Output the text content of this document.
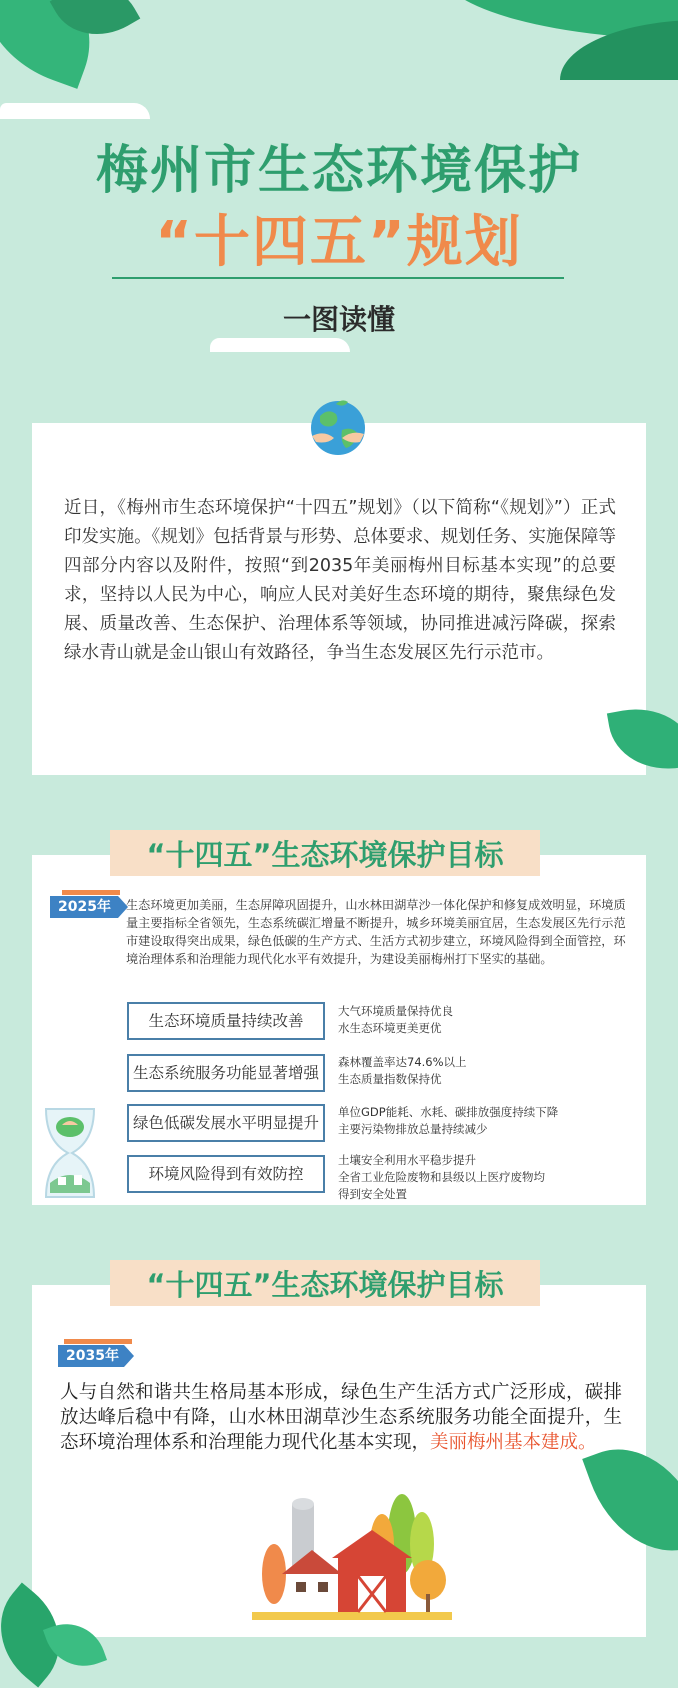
梅州市生态环境保护
“十四五”规划
一图读懂
近日，《梅州市生态环境保护“十四五”规划》（以下简称“《规划》”）正式印发实施。《规划》包括背景与形势、总体要求、规划任务、实施保障等四部分内容以及附件，按照“到2035年美丽梅州目标基本实现”的总要求，坚持以人民为中心，响应人民对美好生态环境的期待，聚焦绿色发展、质量改善、生态保护、治理体系等领域，协同推进减污降碳，探索绿水青山就是金山银山有效路径，争当生态发展区先行示范市。
“十四五”生态环境保护目标
2025年	生态环境更加美丽，生态屏障巩固提升，山水林田湖草沙一体化保护和修复成效明显，环境质量主要指标全省领先，生态系统碳汇增量不断提升，城乡环境美丽宜居，生态发展区先行示范市建设取得突出成果，绿色低碳的生产方式、生活方式初步建立，环境风险得到全面管控，环境治理体系和治理能力现代化水平有效提升，为建设美丽梅州打下坚实的基础。
生态环境质量持续改善
大气环境质量保持优良
水生态环境更美更优
生态系统服务功能显著增强
森林覆盖率达74.6%以上
生态质量指数保持优
绿色低碳发展水平明显提升
单位GDP能耗、水耗、碳排放强度持续下降
主要污染物排放总量持续减少
环境风险得到有效防控
土壤安全利用水平稳步提升
全省工业危险废物和县级以上医疗废物均
得到安全处置
“十四五”生态环境保护目标
2035年
人与自然和谐共生格局基本形成，绿色生产生活方式广泛形成，碳排放达峰后稳中有降，山水林田湖草沙生态系统服务功能全面提升，生态环境治理体系和治理能力现代化基本实现，美丽梅州基本建成。
